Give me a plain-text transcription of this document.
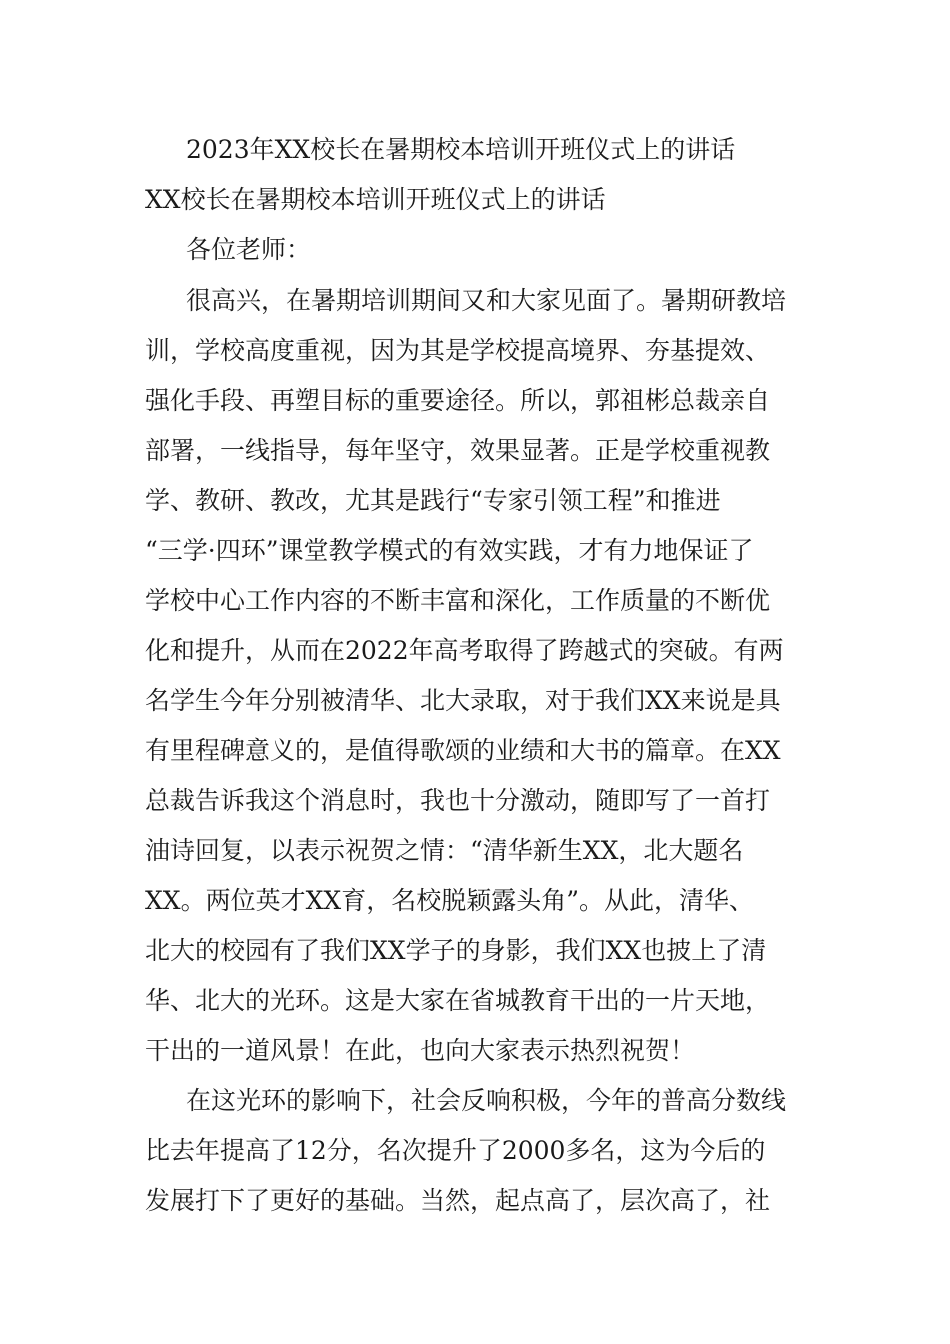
2023年XX校长在暑期校本培训开班仪式上的讲话
XX校长在暑期校本培训开班仪式上的讲话
各位老师：
很高兴，在暑期培训期间又和大家见面了。暑期研教培
训，学校高度重视，因为其是学校提高境界、夯基提效、
强化手段、再塑目标的重要途径。所以，郭祖彬总裁亲自
部署，一线指导，每年坚守，效果显著。正是学校重视教
学、教研、教改，尤其是践行“专家引领工程”和推进
“三学·四环”课堂教学模式的有效实践，才有力地保证了
学校中心工作内容的不断丰富和深化，工作质量的不断优
化和提升，从而在2022年高考取得了跨越式的突破。有两
名学生今年分别被清华、北大录取，对于我们XX来说是具
有里程碑意义的，是值得歌颂的业绩和大书的篇章。在XX
总裁告诉我这个消息时，我也十分激动，随即写了一首打
油诗回复，以表示祝贺之情：“清华新生XX，北大题名
XX。两位英才XX育，名校脱颖露头角”。从此，清华、
北大的校园有了我们XX学子的身影，我们XX也披上了清
华、北大的光环。这是大家在省城教育干出的一片天地，
干出的一道风景！在此，也向大家表示热烈祝贺！
在这光环的影响下，社会反响积极，今年的普高分数线
比去年提高了12分，名次提升了2000多名，这为今后的
发展打下了更好的基础。当然，起点高了，层次高了，社
